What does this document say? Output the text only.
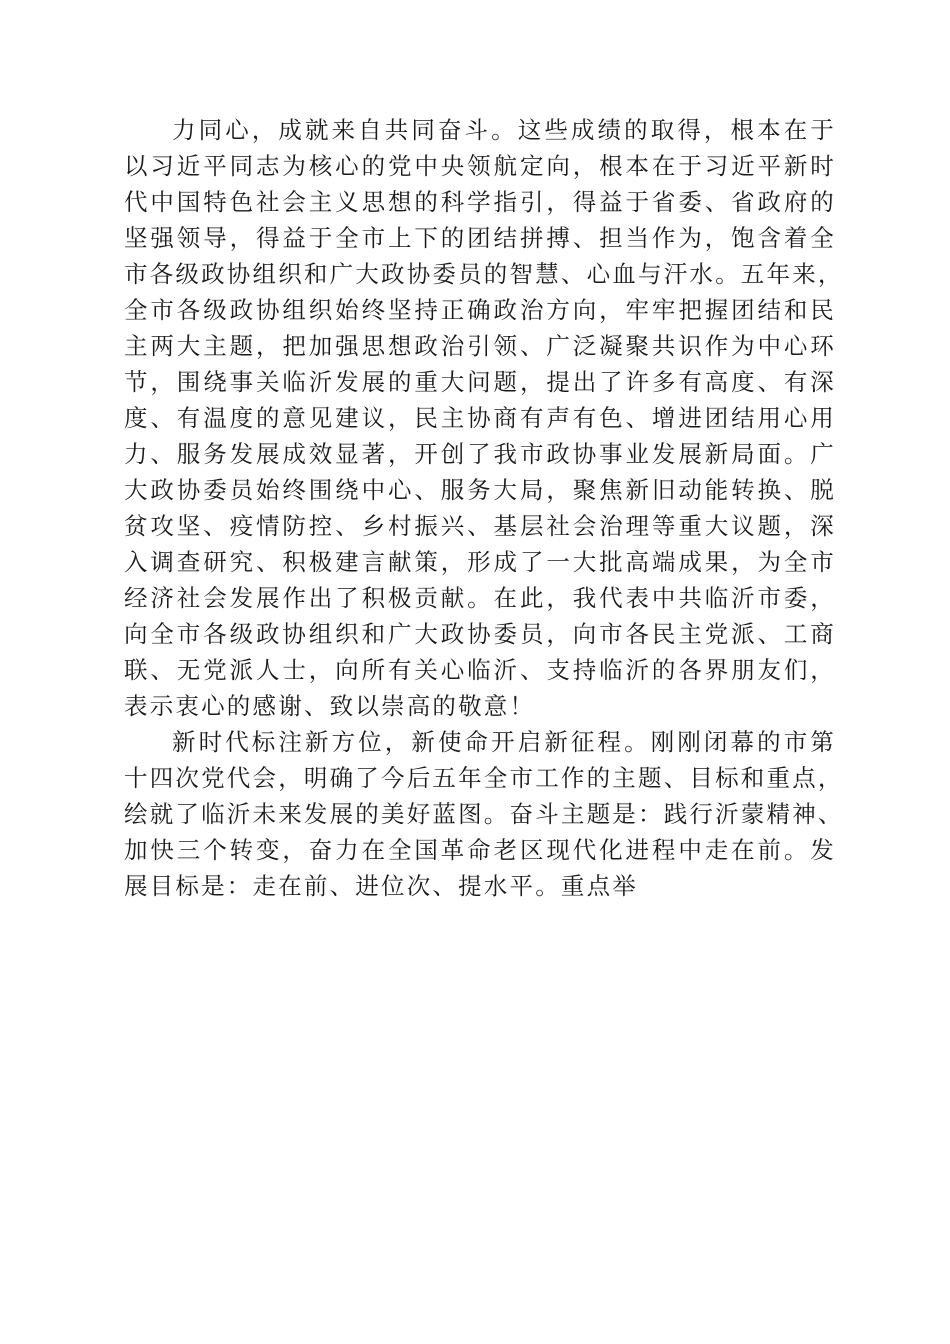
力同心，成就来自共同奋斗。这些成绩的取得，根本在于
以习近平同志为核心的党中央领航定向，根本在于习近平新时
代中国特色社会主义思想的科学指引，得益于省委、省政府的
坚强领导，得益于全市上下的团结拼搏、担当作为，饱含着全
市各级政协组织和广大政协委员的智慧、心血与汗水。五年来，
全市各级政协组织始终坚持正确政治方向，牢牢把握团结和民
主两大主题，把加强思想政治引领、广泛凝聚共识作为中心环
节，围绕事关临沂发展的重大问题，提出了许多有高度、有深
度、有温度的意见建议，民主协商有声有色、增进团结用心用
力、服务发展成效显著，开创了我市政协事业发展新局面。广
大政协委员始终围绕中心、服务大局，聚焦新旧动能转换、脱
贫攻坚、疫情防控、乡村振兴、基层社会治理等重大议题，深
入调查研究、积极建言献策，形成了一大批高端成果，为全市
经济社会发展作出了积极贡献。在此，我代表中共临沂市委，
向全市各级政协组织和广大政协委员，向市各民主党派、工商
联、无党派人士，向所有关心临沂、支持临沂的各界朋友们，
表示衷心的感谢、致以崇高的敬意！
新时代标注新方位，新使命开启新征程。刚刚闭幕的市第
十四次党代会，明确了今后五年全市工作的主题、目标和重点，
绘就了临沂未来发展的美好蓝图。奋斗主题是：践行沂蒙精神、
加快三个转变，奋力在全国革命老区现代化进程中走在前。发
展目标是：走在前、进位次、提水平。重点举
